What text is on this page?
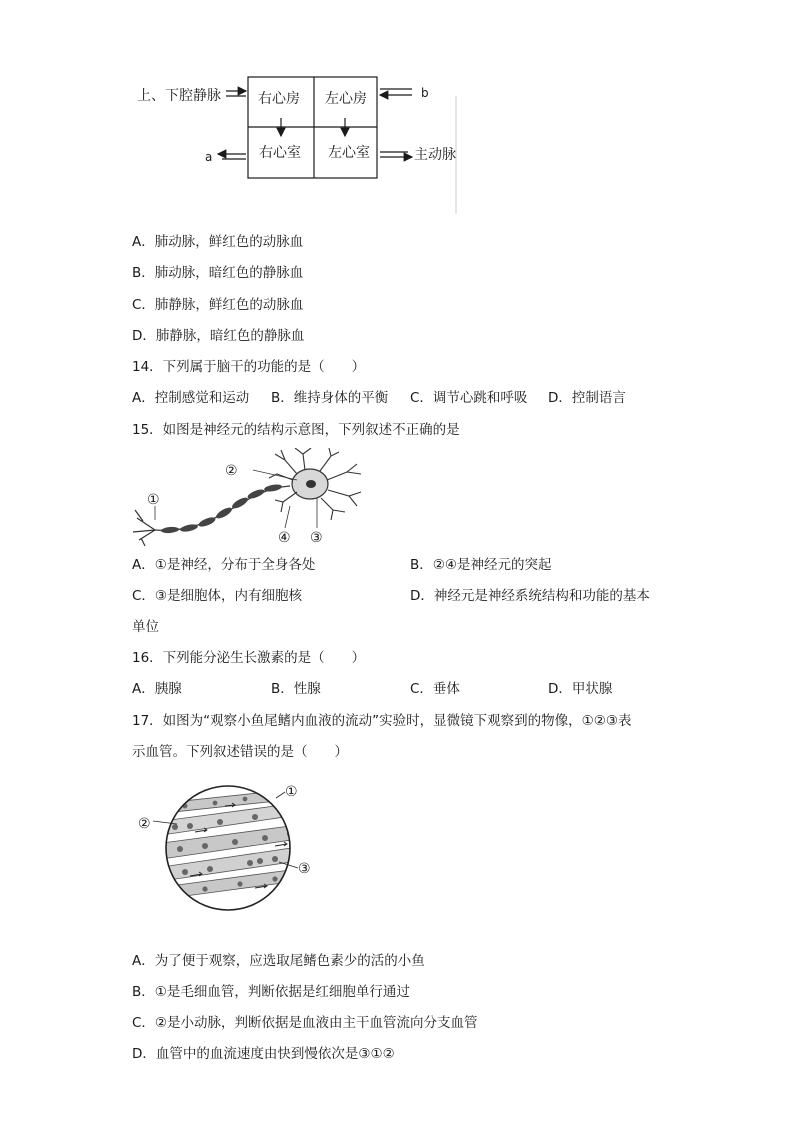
上、下腔静脉	右心房 左心房
右心室 左心室
b
a	主动脉
A．肺动脉，鲜红色的动脉血
B．肺动脉，暗红色的静脉血
C．肺静脉，鲜红色的动脉血
D．肺静脉，暗红色的静脉血
14．下列属于脑干的功能的是（　　）
A．控制感觉和运动 B．维持身体的平衡 C．调节心跳和呼吸 D．控制语言
15．如图是神经元的结构示意图，下列叙述不正确的是
①
②
④ ③
A．①是神经，分布于全身各处	B．②④是神经元的突起
C．③是细胞体，内有细胞核	D．神经元是神经系统结构和功能的基本
单位
16．下列能分泌生长激素的是（　　）
A．胰腺	B．性腺	C．垂体	D．甲状腺
17．如图为“观察小鱼尾鳍内血液的流动”实验时，显微镜下观察到的物像，①②③表
示血管。下列叙述错误的是（　　）
①
②
③
A．为了便于观察，应选取尾鳍色素少的活的小鱼
B．①是毛细血管，判断依据是红细胞单行通过
C．②是小动脉，判断依据是血液由主干血管流向分支血管
D．血管中的血流速度由快到慢依次是③①②
